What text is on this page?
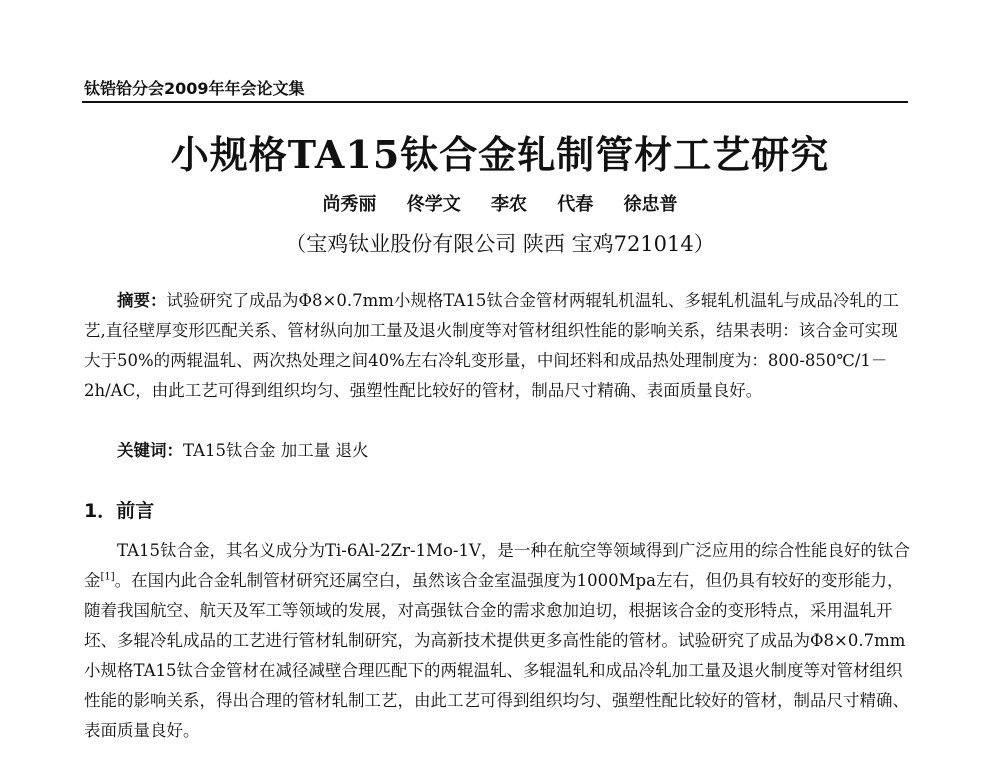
钛锆铪分会2009年年会论文集
小规格TA15钛合金轧制管材工艺研究
尚秀丽 佟学文 李农 代春 徐忠普
（宝鸡钛业股份有限公司 陕西 宝鸡721014）
摘要：试验研究了成品为Φ8×0.7mm小规格TA15钛合金管材两辊轧机温轧、多辊轧机温轧与成品冷轧的工艺,直径壁厚变形匹配关系、管材纵向加工量及退火制度等对管材组织性能的影响关系，结果表明：该合金可实现大于50%的两辊温轧、两次热处理之间40%左右冷轧变形量，中间坯料和成品热处理制度为：800-850℃/1－2h/AC，由此工艺可得到组织均匀、强塑性配比较好的管材，制品尺寸精确、表面质量良好。
关键词：TA15钛合金 加工量 退火
1．前言
TA15钛合金，其名义成分为Ti-6Al-2Zr-1Mo-1V，是一种在航空等领域得到广泛应用的综合性能良好的钛合金[1]。在国内此合金轧制管材研究还属空白，虽然该合金室温强度为1000Mpa左右，但仍具有较好的变形能力，随着我国航空、航天及军工等领域的发展，对高强钛合金的需求愈加迫切，根据该合金的变形特点，采用温轧开坯、多辊冷轧成品的工艺进行管材轧制研究，为高新技术提供更多高性能的管材。试验研究了成品为Φ8×0.7mm小规格TA15钛合金管材在减径减壁合理匹配下的两辊温轧、多辊温轧和成品冷轧加工量及退火制度等对管材组织性能的影响关系，得出合理的管材轧制工艺，由此工艺可得到组织均匀、强塑性配比较好的管材，制品尺寸精确、表面质量良好。
